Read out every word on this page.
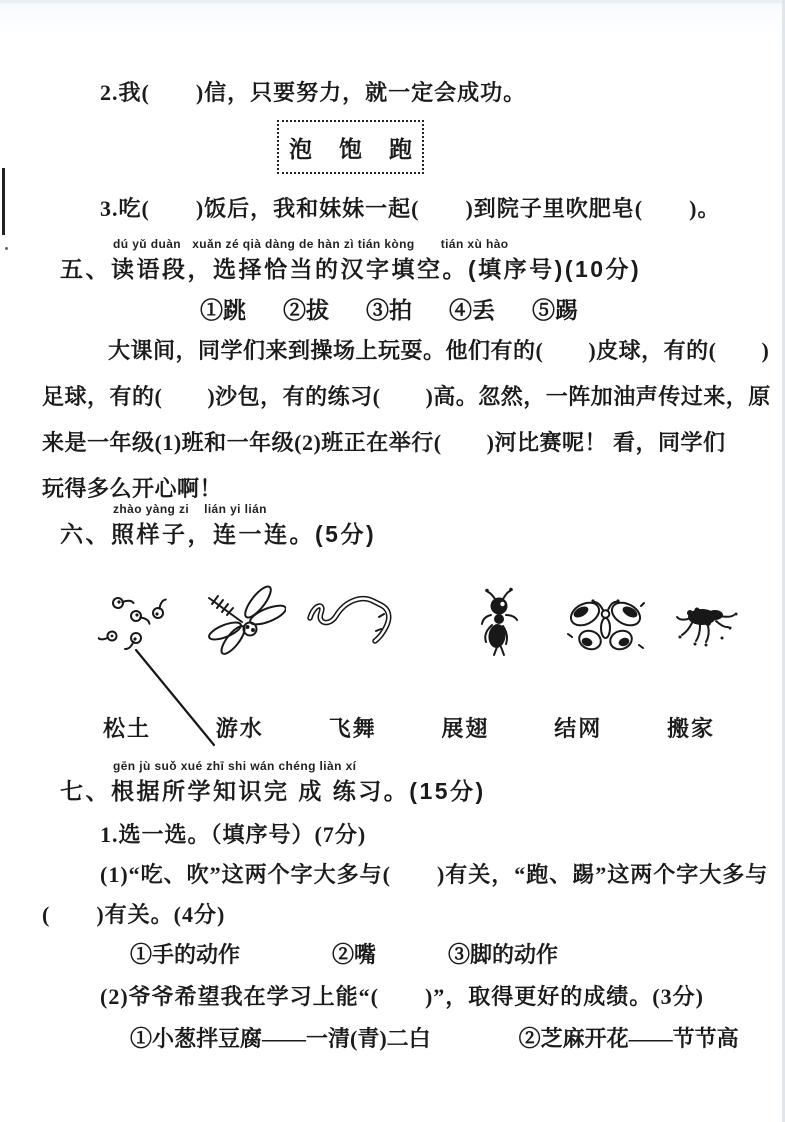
2.我(　　)信，只要努力，就一定会成功。
泡 饱 跑
3.吃(　　)饭后，我和妹妹一起(　　)到院子里吹肥皂(　　)。
dú yǔ duàn   xuǎn zé qià dàng de hàn zì tián kòng       tián xù hào
五、读语段，选择恰当的汉字填空。(填序号)(10分)
①跳 ②拔 ③拍 ④丢 ⑤踢
大课间，同学们来到操场上玩耍。他们有的(　　)皮球，有的(　　)
足球，有的(　　)沙包，有的练习(　　)高。忽然，一阵加油声传过来，原
来是一年级(1)班和一年级(2)班正在举行(　　)河比赛呢！ 看，同学们
玩得多么开心啊！
zhào yàng zi    lián yi lián
六、照样子，连一连。(5分)

松土	游水	飞舞	展翅	结网	搬家
gēn jù suǒ xué zhī shi wán chéng liàn xí
七、根据所学知识完 成 练习。(15分)
1.选一选。（填序号）(7分)
(1)“吃、吹”这两个字大多与(　　)有关，“跑、踢”这两个字大多与
(　　)有关。(4分)
①手的动作	②嘴	③脚的动作
(2)爷爷希望我在学习上能“(　　)”，取得更好的成绩。(3分)
①小葱拌豆腐——一清(青)二白	②芝麻开花——节节高
